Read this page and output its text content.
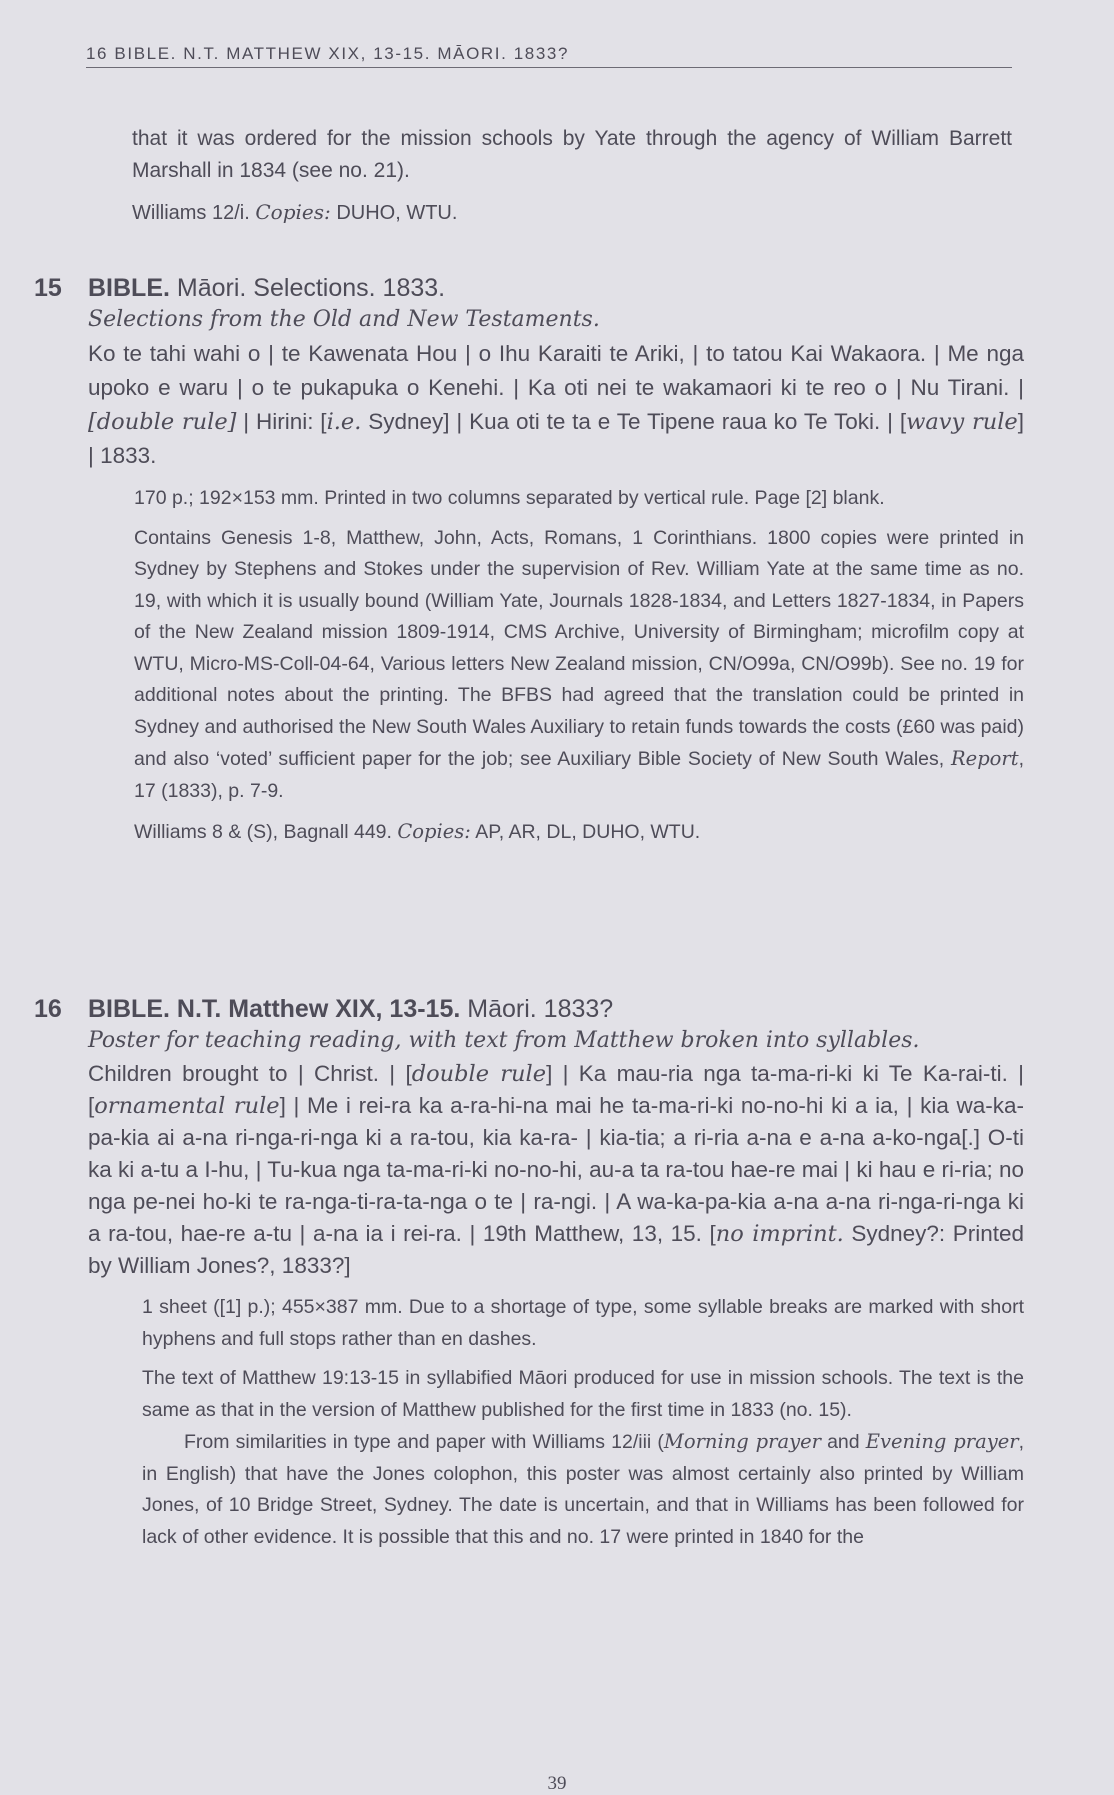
16 BIBLE. N.T. MATTHEW XIX, 13-15. MĀORI. 1833?
that it was ordered for the mission schools by Yate through the agency of William Barrett Marshall in 1834 (see no. 21).
Williams 12/i. Copies: DUHO, WTU.
15	BIBLE. Māori. Selections. 1833.
Selections from the Old and New Testaments.
Ko te tahi wahi o | te Kawenata Hou | o Ihu Karaiti te Ariki, | to tatou Kai Wakaora. | Me nga upoko e waru | o te pukapuka o Kenehi. | Ka oti nei te wakamaori ki te reo o | Nu Tirani. | [double rule] | Hirini: [i.e. Sydney] | Kua oti te ta e Te Tipene raua ko Te Toki. | [wavy rule] | 1833.
170 p.; 192×153 mm. Printed in two columns separated by vertical rule. Page [2] blank.
Contains Genesis 1-8, Matthew, John, Acts, Romans, 1 Corinthians. 1800 copies were printed in Sydney by Stephens and Stokes under the supervision of Rev. William Yate at the same time as no. 19, with which it is usually bound (William Yate, Journals 1828-1834, and Letters 1827-1834, in Papers of the New Zealand mission 1809-1914, CMS Archive, University of Birmingham; microfilm copy at WTU, Micro-MS-Coll-04-64, Various letters New Zealand mission, CN/O99a, CN/O99b). See no. 19 for additional notes about the printing. The BFBS had agreed that the translation could be printed in Sydney and authorised the New South Wales Auxiliary to retain funds towards the costs (£60 was paid) and also ‘voted’ sufficient paper for the job; see Auxiliary Bible Society of New South Wales, Report, 17 (1833), p. 7-9.
Williams 8 & (S), Bagnall 449. Copies: AP, AR, DL, DUHO, WTU.
16	BIBLE. N.T. Matthew XIX, 13-15. Māori. 1833?
Poster for teaching reading, with text from Matthew broken into syllables.
Children brought to | Christ. | [double rule] | Ka mau-ria nga ta-ma-ri-ki ki Te Ka-rai-ti. | [ornamental rule] | Me i rei-ra ka a-ra-hi-na mai he ta-ma-ri-ki no-no-hi ki a ia, | kia wa-ka-pa-kia ai a-na ri-nga-ri-nga ki a ra-tou, kia ka-ra- | kia-tia; a ri-ria a-na e a-na a-ko-nga[.] O-ti ka ki a-tu a I-hu, | Tu-kua nga ta-ma-ri-ki no-no-hi, au-a ta ra-tou hae-re mai | ki hau e ri-ria; no nga pe-nei ho-ki te ra-nga-ti-ra-ta-nga o te | ra-ngi. | A wa-ka-pa-kia a-na a-na ri-nga-ri-nga ki a ra-tou, hae-re a-tu | a-na ia i rei-ra. | 19th Matthew, 13, 15. [no imprint. Sydney?: Printed by William Jones?, 1833?]
1 sheet ([1] p.); 455×387 mm. Due to a shortage of type, some syllable breaks are marked with short hyphens and full stops rather than en dashes.
The text of Matthew 19:13-15 in syllabified Māori produced for use in mission schools. The text is the same as that in the version of Matthew published for the first time in 1833 (no. 15).
From similarities in type and paper with Williams 12/iii (Morning prayer and Evening prayer, in English) that have the Jones colophon, this poster was almost certainly also printed by William Jones, of 10 Bridge Street, Sydney. The date is uncertain, and that in Williams has been followed for lack of other evidence. It is possible that this and no. 17 were printed in 1840 for the
39
